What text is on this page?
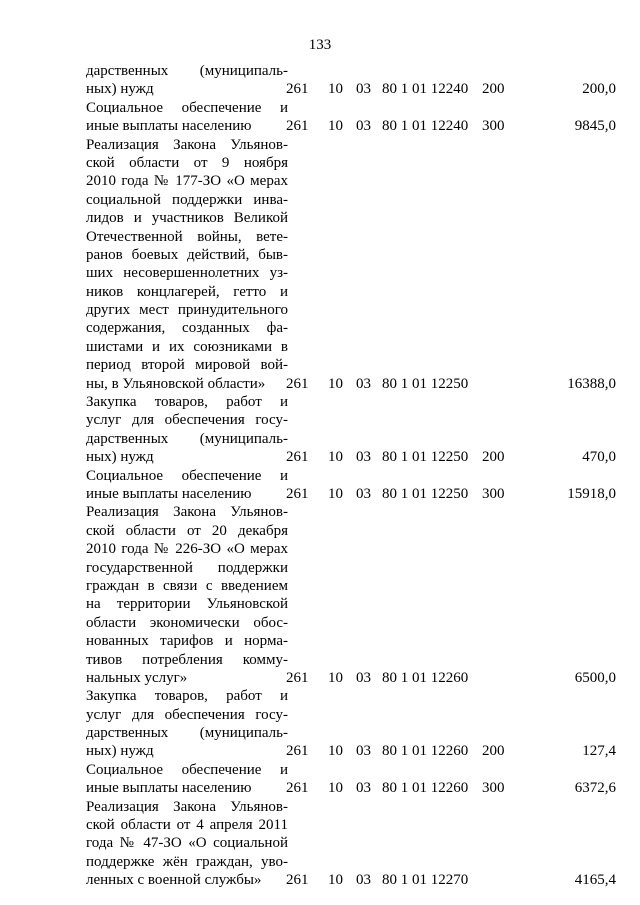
133
дарственных (муниципаль-
ных) нужд	261 10 03 80 1 01 12240 200	200,0
Социальное обеспечение и
иные выплаты населению	261 10 03 80 1 01 12240 300	9845,0
Реализация Закона Ульянов-
ской области от 9 ноября
2010 года № 177-ЗО «О мерах
социальной поддержки инва-
лидов и участников Великой
Отечественной войны, вете-
ранов боевых действий, быв-
ших несовершеннолетних уз-
ников концлагерей, гетто и
других мест принудительного
содержания, созданных фа-
шистами и их союзниками в
период второй мировой вой-
ны, в Ульяновской области»	261 10 03 80 1 01 12250	16388,0
Закупка товаров, работ и
услуг для обеспечения госу-
дарственных (муниципаль-
ных) нужд	261 10 03 80 1 01 12250 200	470,0
Социальное обеспечение и
иные выплаты населению	261 10 03 80 1 01 12250 300	15918,0
Реализация Закона Ульянов-
ской области от 20 декабря
2010 года № 226-ЗО «О мерах
государственной поддержки
граждан в связи с введением
на территории Ульяновской
области экономически обос-
нованных тарифов и норма-
тивов потребления комму-
нальных услуг»	261 10 03 80 1 01 12260	6500,0
Закупка товаров, работ и
услуг для обеспечения госу-
дарственных (муниципаль-
ных) нужд	261 10 03 80 1 01 12260 200	127,4
Социальное обеспечение и
иные выплаты населению	261 10 03 80 1 01 12260 300	6372,6
Реализация Закона Ульянов-
ской области от 4 апреля 2011
года № 47-ЗО «О социальной
поддержке жён граждан, уво-
ленных с военной службы»	261 10 03 80 1 01 12270	4165,4
